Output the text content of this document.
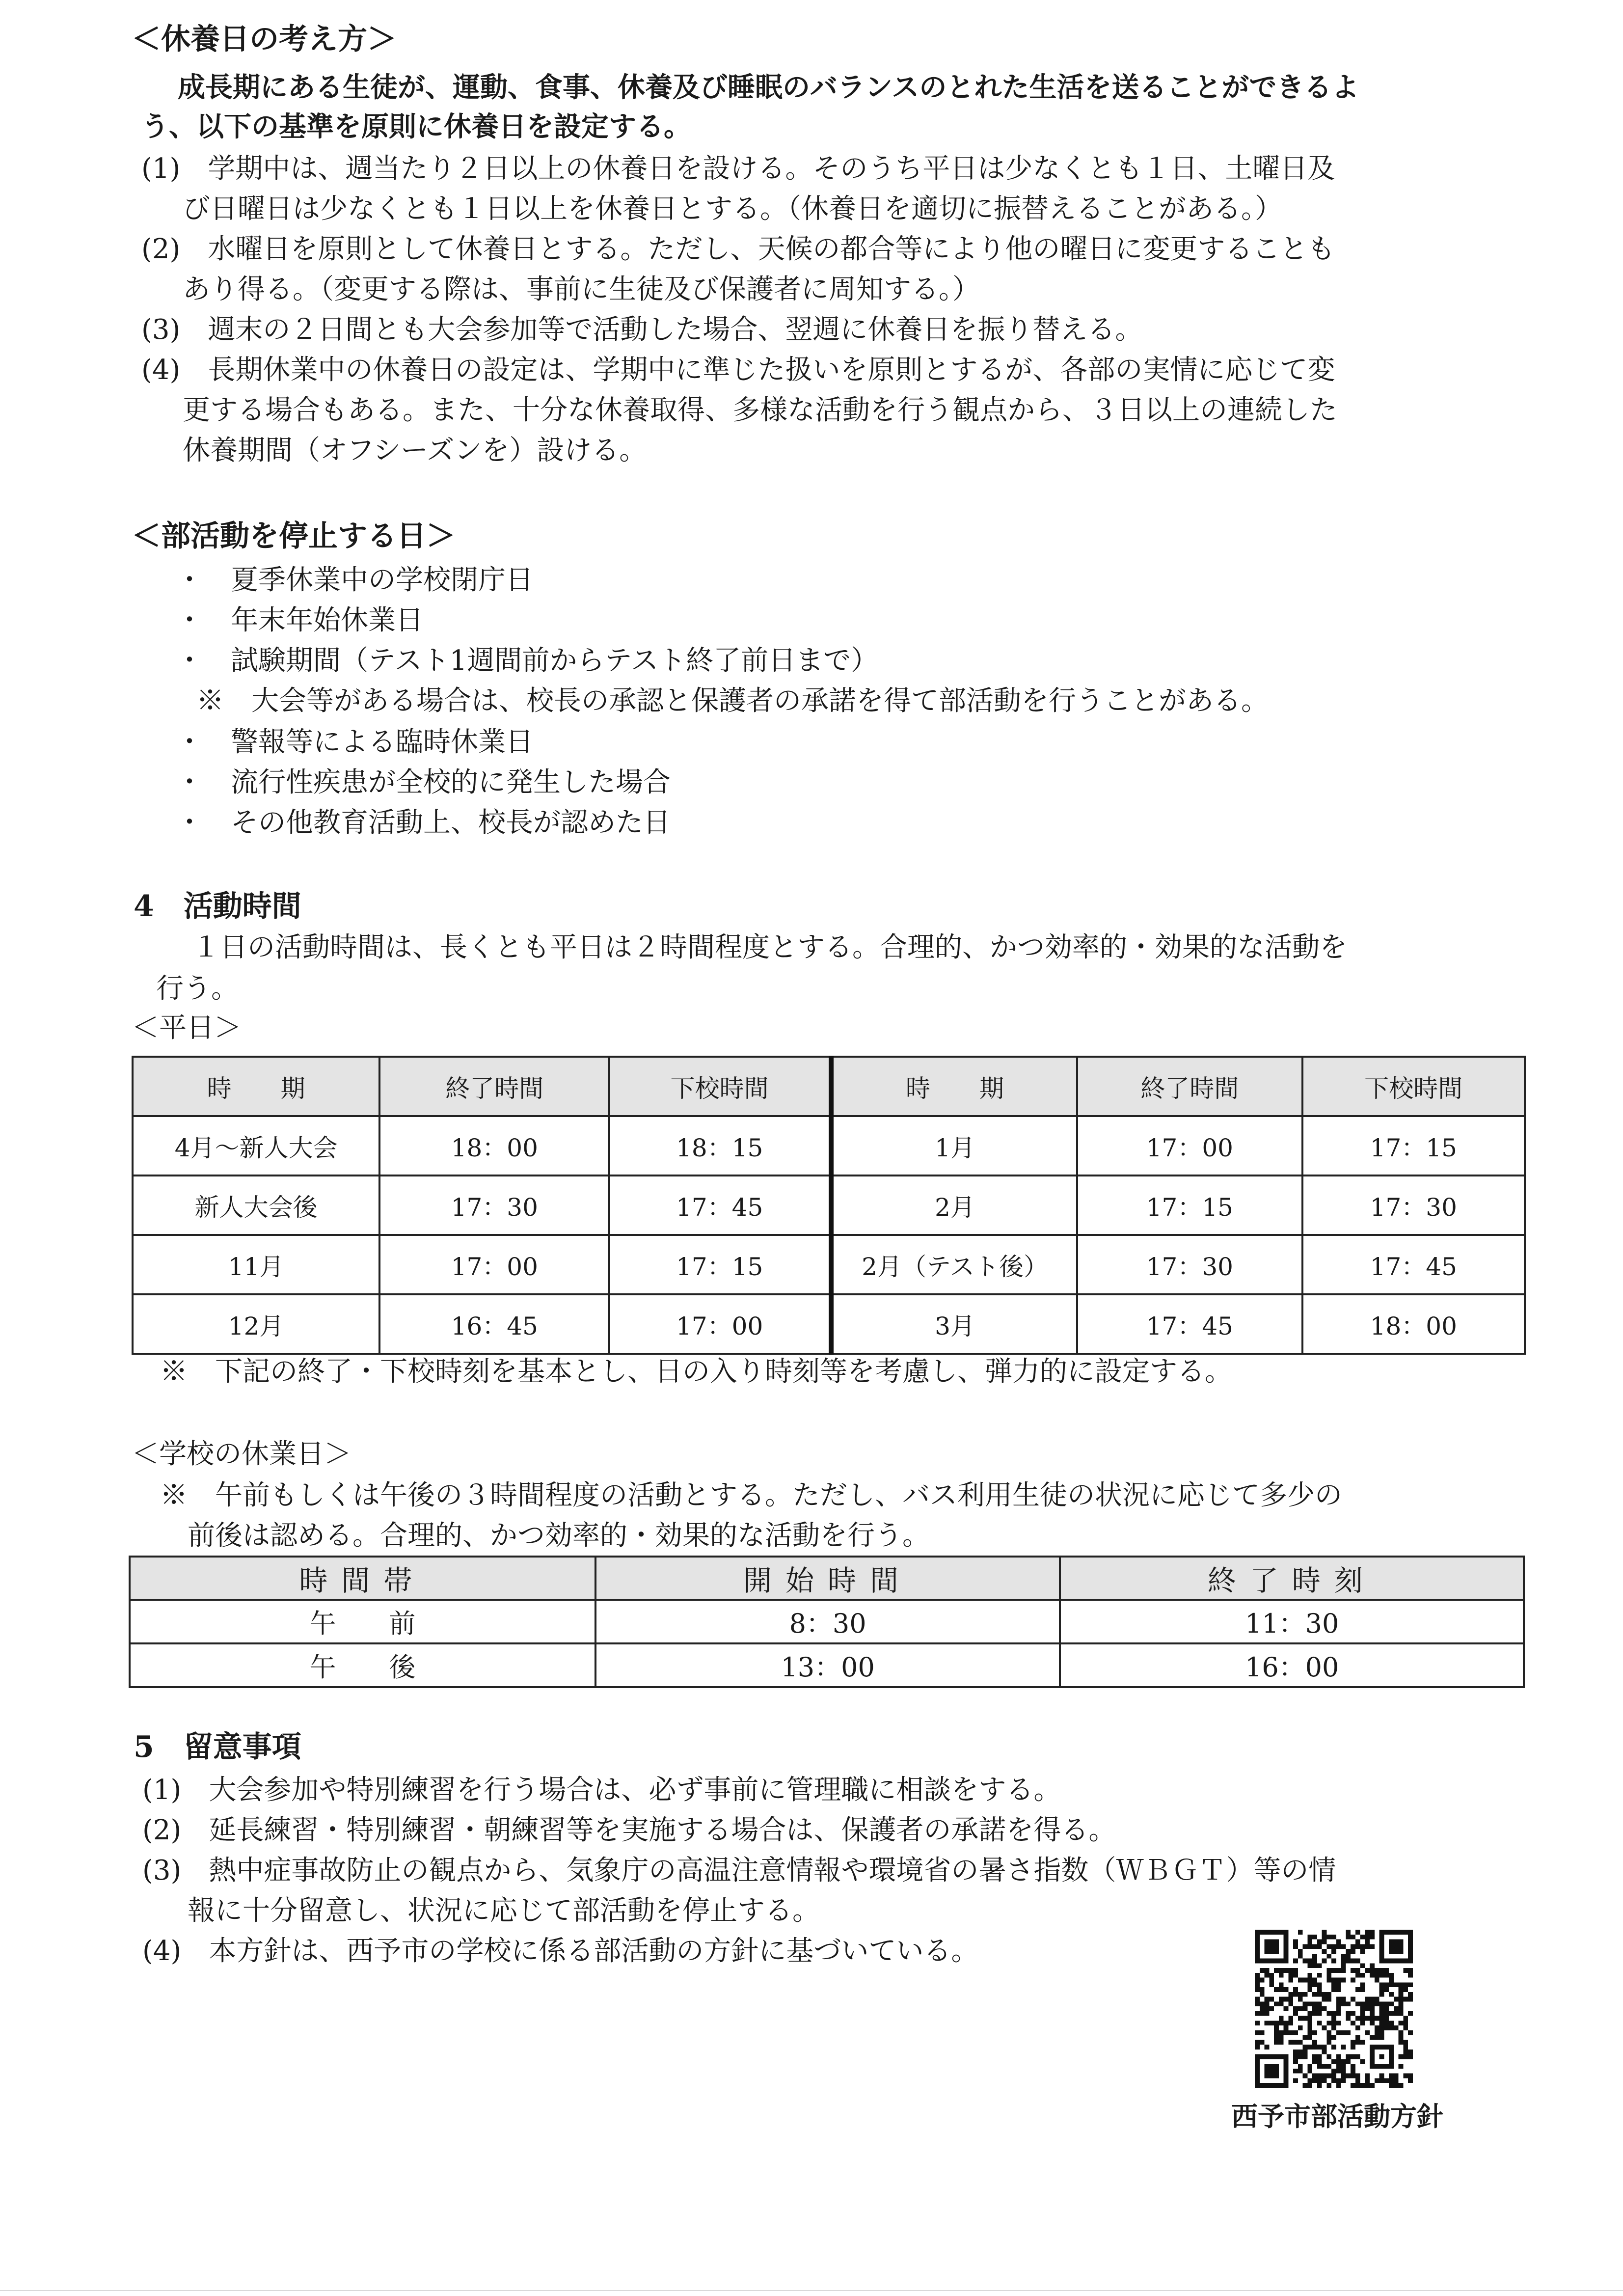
＜休養日の考え方＞
成長期にある生徒が、運動、食事、休養及び睡眠のバランスのとれた生活を送ることができるよ
う、以下の基準を原則に休養日を設定する。
(1)　学期中は、週当たり２日以上の休養日を設ける。そのうち平日は少なくとも１日、土曜日及
び日曜日は少なくとも１日以上を休養日とする。（休養日を適切に振替えることがある。）
(2)　水曜日を原則として休養日とする。ただし、天候の都合等により他の曜日に変更することも
あり得る。（変更する際は、事前に生徒及び保護者に周知する。）
(3)　週末の２日間とも大会参加等で活動した場合、翌週に休養日を振り替える。
(4)　長期休業中の休養日の設定は、学期中に準じた扱いを原則とするが、各部の実情に応じて変
更する場合もある。また、十分な休養取得、多様な活動を行う観点から、３日以上の連続した
休養期間（オフシーズンを）設ける。
＜部活動を停止する日＞
・　夏季休業中の学校閉庁日
・　年末年始休業日
・　試験期間（テスト1週間前からテスト終了前日まで）
※　大会等がある場合は、校長の承認と保護者の承諾を得て部活動を行うことがある。
・　警報等による臨時休業日
・　流行性疾患が全校的に発生した場合
・　その他教育活動上、校長が認めた日
4　活動時間
１日の活動時間は、長くとも平日は２時間程度とする。合理的、かつ効率的・効果的な活動を
行う。
＜平日＞
時　　期	終了時間	下校時間	時　　期	終了時間	下校時間
4月～新人大会	18：00	18：15	1月	17：00	17：15
新人大会後	17：30	17：45	2月	17：15	17：30
11月	17：00	17：15	2月（テスト後）	17：30	17：45
12月	16：45	17：00	3月	17：45	18：00
※　下記の終了・下校時刻を基本とし、日の入り時刻等を考慮し、弾力的に設定する。
＜学校の休業日＞
※　午前もしくは午後の３時間程度の活動とする。ただし、バス利用生徒の状況に応じて多少の
前後は認める。合理的、かつ効率的・効果的な活動を行う。
時間帯	開始時間	終了時刻
午　　前	8：30	11：30
午　　後	13：00	16：00
5　留意事項
(1)　大会参加や特別練習を行う場合は、必ず事前に管理職に相談をする。
(2)　延長練習・特別練習・朝練習等を実施する場合は、保護者の承諾を得る。
(3)　熱中症事故防止の観点から、気象庁の高温注意情報や環境省の暑さ指数（ＷＢＧＴ）等の情
報に十分留意し、状況に応じて部活動を停止する。
(4)　本方針は、西予市の学校に係る部活動の方針に基づいている。
西予市部活動方針
